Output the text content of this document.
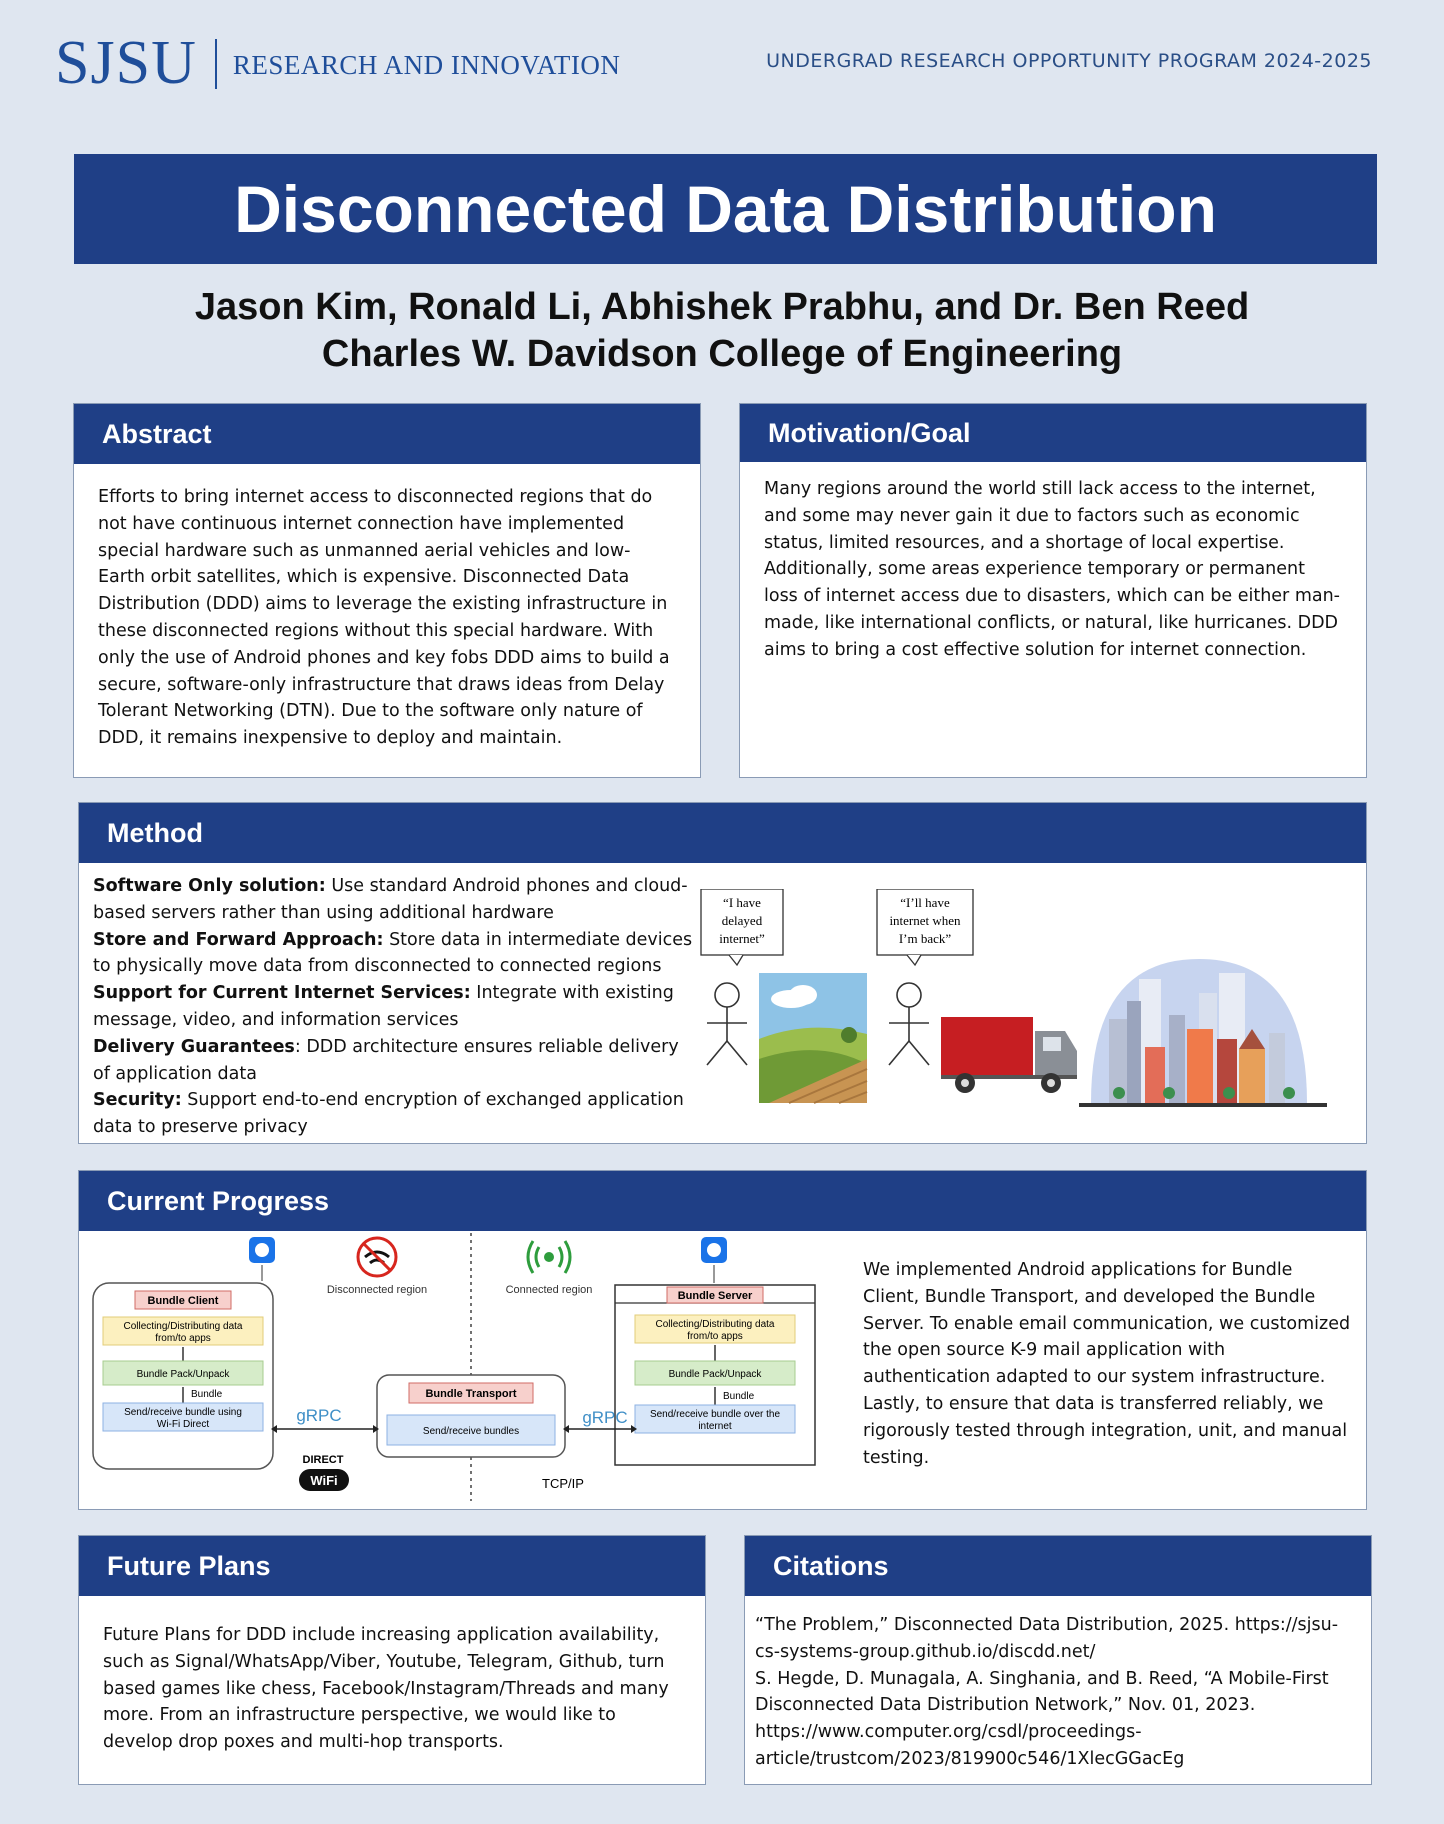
SJSU RESEARCH AND INNOVATION	UNDERGRAD RESEARCH OPPORTUNITY PROGRAM 2024-2025
Disconnected Data Distribution
Jason Kim, Ronald Li, Abhishek Prabhu, and Dr. Ben Reed
Charles W. Davidson College of Engineering
Abstract
Efforts to bring internet access to disconnected regions that do not have continuous internet connection have implemented special hardware such as unmanned aerial vehicles and low-Earth orbit satellites, which is expensive. Disconnected Data Distribution (DDD) aims to leverage the existing infrastructure in these disconnected regions without this special hardware. With only the use of Android phones and key fobs DDD aims to build a secure, software-only infrastructure that draws ideas from Delay Tolerant Networking (DTN). Due to the software only nature of DDD, it remains inexpensive to deploy and maintain.
Motivation/Goal
Many regions around the world still lack access to the internet, and some may never gain it due to factors such as economic status, limited resources, and a shortage of local expertise. Additionally, some areas experience temporary or permanent loss of internet access due to disasters, which can be either man-made, like international conflicts, or natural, like hurricanes. DDD aims to bring a cost effective solution for internet connection.
Method

Software Only solution: Use standard Android phones and cloud-based servers rather than using additional hardware

Store and Forward Approach: Store data in intermediate devices to physically move data from disconnected to connected regions

Support for Current Internet Services: Integrate with existing message, video, and information services

Delivery Guarantees: DDD architecture ensures reliable delivery of application data

Security: Support end-to-end encryption of exchanged application data to preserve privacy

“I have
delayed
internet”
“I’ll have
internet when
I’m back”
Current Progress
Disconnected region	Connected region
Bundle Client
Collecting/Distributing data
from/to apps
Bundle Pack/Unpack
Bundle
Send/receive bundle using
Wi-Fi Direct
Bundle Transport
Send/receive bundles
Bundle Server
Collecting/Distributing data
from/to apps
Bundle Pack/Unpack
Bundle
Send/receive bundle over the
internet
gRPC	gRPC
DIRECT
WiFi	TCP/IP
We implemented Android applications for Bundle Client, Bundle Transport, and developed the Bundle Server. To enable email communication, we customized the open source K-9 mail application with authentication adapted to our system infrastructure. Lastly, to ensure that data is transferred reliably, we rigorously tested through integration, unit, and manual testing.
Future Plans
Future Plans for DDD include increasing application availability, such as Signal/WhatsApp/Viber, Youtube, Telegram, Github, turn based games like chess, Facebook/Instagram/Threads and many more. From an infrastructure perspective, we would like to develop drop poxes and multi-hop transports.
Citations

“The Problem,” Disconnected Data Distribution, 2025. https://sjsu-cs-systems-group.github.io/discdd.net/

S. Hegde, D. Munagala, A. Singhania, and B. Reed, “A Mobile-First Disconnected Data Distribution Network,” Nov. 01, 2023. https://www.computer.org/csdl/proceedings-article/trustcom/2023/819900c546/1XlecGGacEg
